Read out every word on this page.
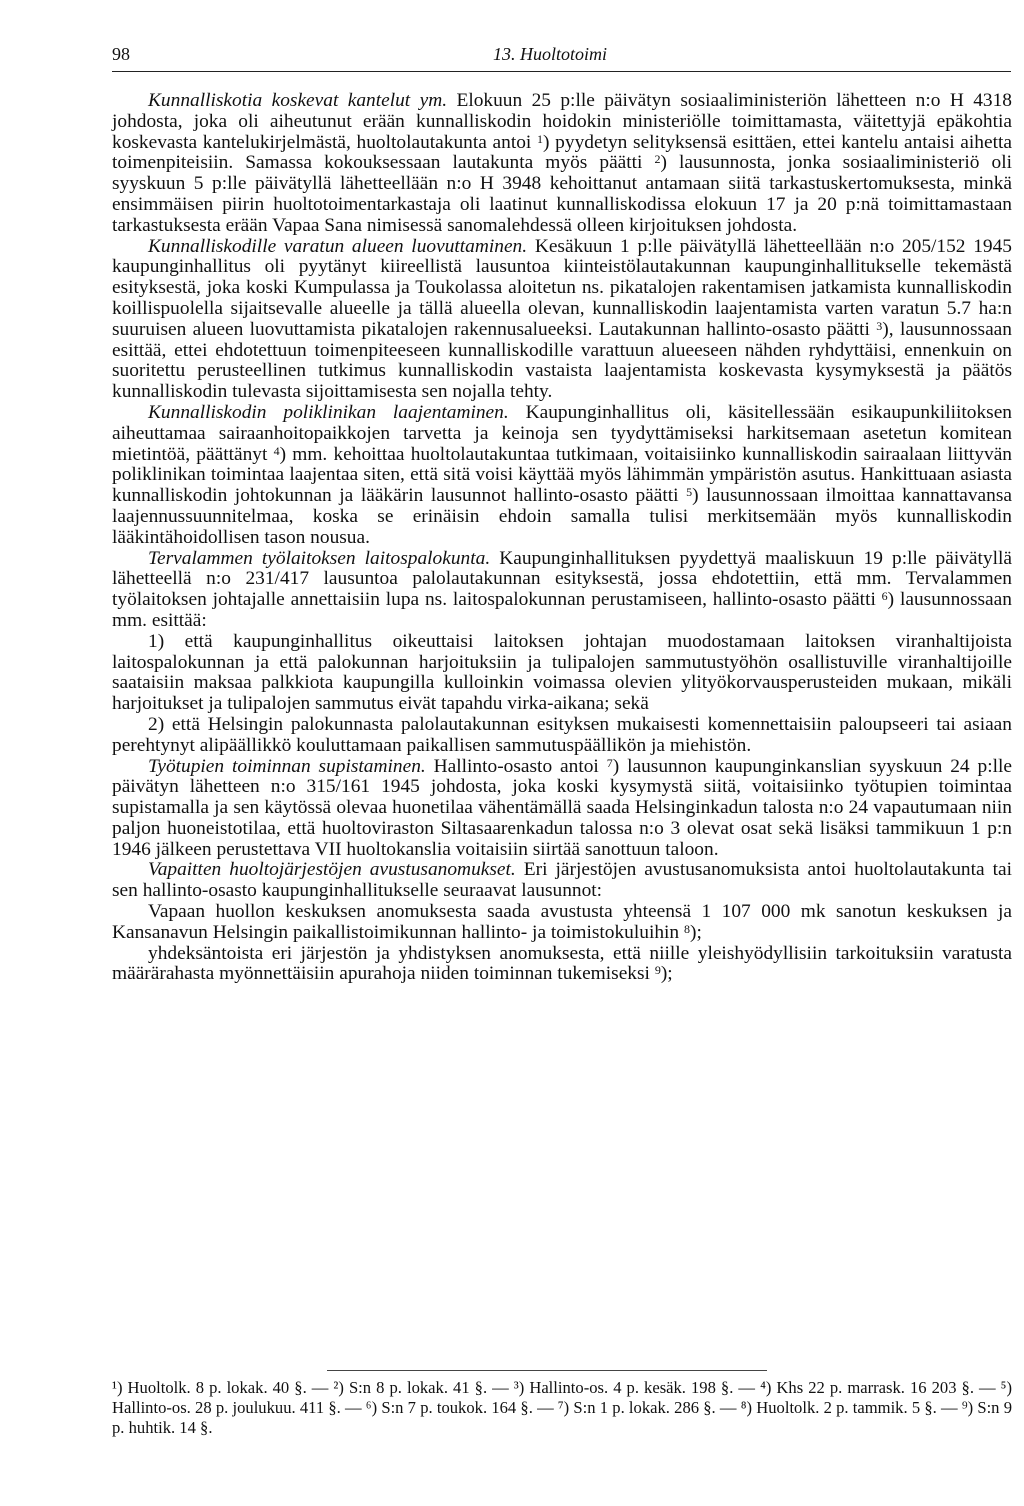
98	13. Huoltotoimi

Kunnalliskotia koskevat kantelut ym. Elokuun 25 p:lle päivätyn sosiaaliministeriön lähetteen n:o H 4318 johdosta, joka oli aiheutunut erään kunnalliskodin hoidokin ministeriölle toimittamasta, väitettyjä epäkohtia koskevasta kantelukirjelmästä, huoltolautakunta antoi $^1$) pyydetyn selityksensä esittäen, ettei kantelu antaisi aihetta toimenpiteisiin. Samassa kokouksessaan lautakunta myös päätti $^2$) lausunnosta, jonka sosiaaliministeriö oli syyskuun 5 p:lle päivätyllä lähetteellään n:o H 3948 kehoittanut antamaan siitä tarkastuskertomuksesta, minkä ensimmäisen piirin huoltotoimentarkastaja oli laatinut kunnalliskodissa elokuun 17 ja 20 p:nä toimittamastaan tarkastuksesta erään Vapaa Sana nimisessä sanomalehdessä olleen kirjoituksen johdosta.

Kunnalliskodille varatun alueen luovuttaminen. Kesäkuun 1 p:lle päivätyllä lähetteellään n:o 205/152 1945 kaupunginhallitus oli pyytänyt kiireellistä lausuntoa kiinteistölautakunnan kaupunginhallitukselle tekemästä esityksestä, joka koski Kumpulassa ja Toukolassa aloitetun ns. pikatalojen rakentamisen jatkamista kunnalliskodin koillispuolella sijaitsevalle alueelle ja tällä alueella olevan, kunnalliskodin laajentamista varten varatun 5.7 ha:n suuruisen alueen luovuttamista pikatalojen rakennusalueeksi. Lautakunnan hallinto-osasto päätti $^3$), lausunnossaan esittää, ettei ehdotettuun toimenpiteeseen kunnalliskodille varattuun alueeseen nähden ryhdyttäisi, ennenkuin on suoritettu perusteellinen tutkimus kunnalliskodin vastaista laajentamista koskevasta kysymyksestä ja päätös kunnalliskodin tulevasta sijoittamisesta sen nojalla tehty.

Kunnalliskodin poliklinikan laajentaminen. Kaupunginhallitus oli, käsitellessään esikaupunkiliitoksen aiheuttamaa sairaanhoitopaikkojen tarvetta ja keinoja sen tyydyttämiseksi harkitsemaan asetetun komitean mietintöä, päättänyt $^4$) mm. kehoittaa huoltolautakuntaa tutkimaan, voitaisiinko kunnalliskodin sairaalaan liittyvän poliklinikan toimintaa laajentaa siten, että sitä voisi käyttää myös lähimmän ympäristön asutus. Hankittuaan asiasta kunnalliskodin johtokunnan ja lääkärin lausunnot hallinto-osasto päätti $^5$) lausunnossaan ilmoittaa kannattavansa laajennussuunnitelmaa, koska se erinäisin ehdoin samalla tulisi merkitsemään myös kunnalliskodin lääkintähoidollisen tason nousua.

Tervalammen työlaitoksen laitospalokunta. Kaupunginhallituksen pyydettyä maaliskuun 19 p:lle päivätyllä lähetteellä n:o 231/417 lausuntoa palolautakunnan esityksestä, jossa ehdotettiin, että mm. Tervalammen työlaitoksen johtajalle annettaisiin lupa ns. laitospalokunnan perustamiseen, hallinto-osasto päätti $^6$) lausunnossaan mm. esittää:

1) että kaupunginhallitus oikeuttaisi laitoksen johtajan muodostamaan laitoksen viranhaltijoista laitospalokunnan ja että palokunnan harjoituksiin ja tulipalojen sammutustyöhön osallistuville viranhaltijoille saataisiin maksaa palkkiota kaupungilla kulloinkin voimassa olevien ylityökorvausperusteiden mukaan, mikäli harjoitukset ja tulipalojen sammutus eivät tapahdu virka-aikana; sekä

2) että Helsingin palokunnasta palolautakunnan esityksen mukaisesti komennettaisiin paloupseeri tai asiaan perehtynyt alipäällikkö kouluttamaan paikallisen sammutuspäällikön ja miehistön.

Työtupien toiminnan supistaminen. Hallinto-osasto antoi $^7$) lausunnon kaupunginkanslian syyskuun 24 p:lle päivätyn lähetteen n:o 315/161 1945 johdosta, joka koski kysymystä siitä, voitaisiinko työtupien toimintaa supistamalla ja sen käytössä olevaa huonetilaa vähentämällä saada Helsinginkadun talosta n:o 24 vapautumaan niin paljon huoneistotilaa, että huoltoviraston Siltasaarenkadun talossa n:o 3 olevat osat sekä lisäksi tammikuun 1 p:n 1946 jälkeen perustettava VII huoltokanslia voitaisiin siirtää sanottuun taloon.

Vapaitten huoltojärjestöjen avustusanomukset. Eri järjestöjen avustusanomuksista antoi huoltolautakunta tai sen hallinto-osasto kaupunginhallitukselle seuraavat lausunnot:

Vapaan huollon keskuksen anomuksesta saada avustusta yhteensä 1 107 000 mk sanotun keskuksen ja Kansanavun Helsingin paikallistoimikunnan hallinto- ja toimistokuluihin $^8$);

yhdeksäntoista eri järjestön ja yhdistyksen anomuksesta, että niille yleishyödyllisiin tarkoituksiin varatusta määrärahasta myönnettäisiin apurahoja niiden toiminnan tukemiseksi $^9$);

¹) Huoltolk. 8 p. lokak. 40 §. — ²) S:n 8 p. lokak. 41 §. — ³) Hallinto-os. 4 p. kesäk. 198 §. — ⁴) Khs 22 p. marrask. 16 203 §. — ⁵) Hallinto-os. 28 p. joulukuu. 411 §. — ⁶) S:n 7 p. toukok. 164 §. — ⁷) S:n 1 p. lokak. 286 §. — ⁸) Huoltolk. 2 p. tammik. 5 §. — ⁹) S:n 9 p. huhtik. 14 §.
